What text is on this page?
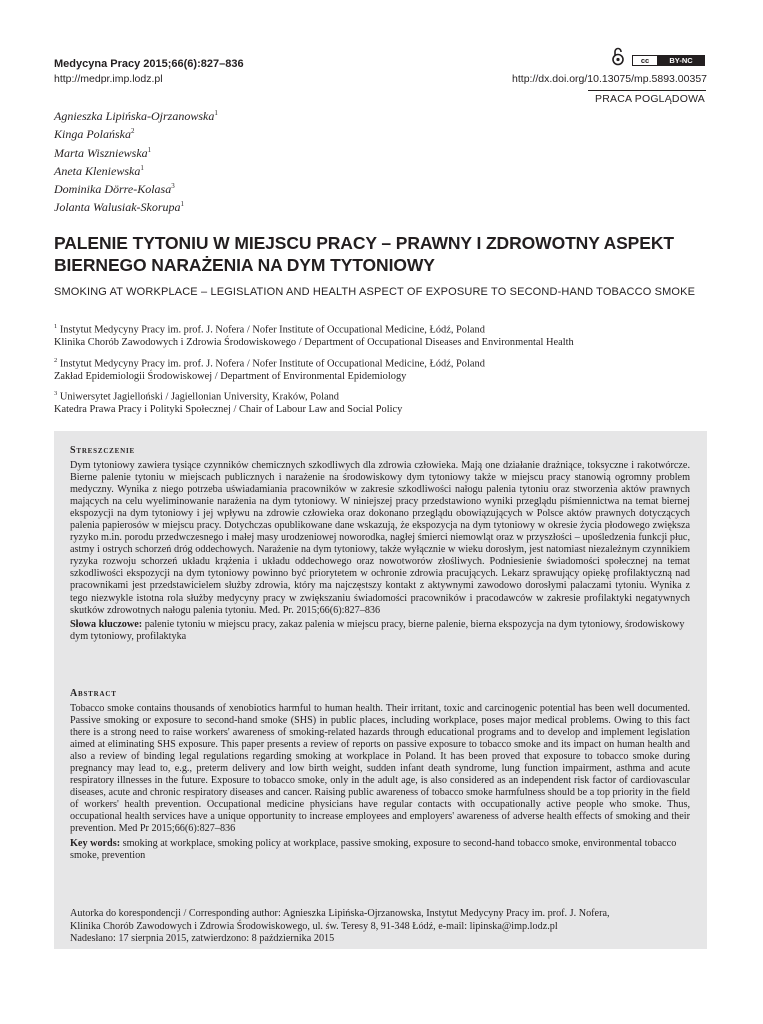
Medycyna Pracy 2015;66(6):827–836
http://medpr.imp.lodz.pl
cc	BY-NC
http://dx.doi.org/10.13075/mp.5893.00357
PRACA POGLĄDOWA
Agnieszka Lipińska-Ojrzanowska$^1$
Kinga Polańska$^2$
Marta Wiszniewska$^1$
Aneta Kleniewska$^1$
Dominika Dörre-Kolasa$^3$
Jolanta Walusiak-Skorupa$^1$
PALENIE TYTONIU W MIEJSCU PRACY – PRAWNY I ZDROWOTNY ASPEKT BIERNEGO NARAŻENIA NA DYM TYTONIOWY
SMOKING AT WORKPLACE – LEGISLATION AND HEALTH ASPECT OF EXPOSURE TO SECOND-HAND TOBACCO SMOKE
$^1$ Instytut Medycyny Pracy im. prof. J. Nofera / Nofer Institute of Occupational Medicine, Łódź, Poland
Klinika Chorób Zawodowych i Zdrowia Środowiskowego / Department of Occupational Diseases and Environmental Health
$^2$ Instytut Medycyny Pracy im. prof. J. Nofera / Nofer Institute of Occupational Medicine, Łódź, Poland
Zakład Epidemiologii Środowiskowej / Department of Environmental Epidemiology
$^3$ Uniwersytet Jagielloński / Jagiellonian University, Kraków, Poland
Katedra Prawa Pracy i Polityki Społecznej / Chair of Labour Law and Social Policy
Streszczenie
Dym tytoniowy zawiera tysiące czynników chemicznych szkodliwych dla zdrowia człowieka. Mają one działanie drażniące, toksyczne i rakotwórcze. Bierne palenie tytoniu w miejscach publicznych i narażenie na środowiskowy dym tytoniowy także w miejscu pracy stanowią ogromny problem medyczny. Wynika z niego potrzeba uświadamiania pracowników w zakresie szkodliwości nałogu palenia tytoniu oraz stworzenia aktów prawnych mających na celu wyeliminowanie narażenia na dym tytoniowy. W niniejszej pracy przedstawiono wyniki przeglądu piśmiennictwa na temat biernej ekspozycji na dym tytoniowy i jej wpływu na zdrowie człowieka oraz dokonano przeglądu obowiązujących w Polsce aktów prawnych dotyczących palenia papierosów w miejscu pracy. Dotychczas opublikowane dane wskazują, że ekspozycja na dym tytoniowy w okresie życia płodowego zwiększa ryzyko m.in. porodu przedwczesnego i małej masy urodzeniowej noworodka, nagłej śmierci niemowląt oraz w przyszłości – upośledzenia funkcji płuc, astmy i ostrych schorzeń dróg oddechowych. Narażenie na dym tytoniowy, także wyłącznie w wieku dorosłym, jest natomiast niezależnym czynnikiem ryzyka rozwoju schorzeń układu krążenia i układu oddechowego oraz nowotworów złośliwych. Podniesienie świadomości społecznej na temat szkodliwości ekspozycji na dym tytoniowy powinno być priorytetem w ochronie zdrowia pracujących. Lekarz sprawujący opiekę profilaktyczną nad pracownikami jest przedstawicielem służby zdrowia, który ma najczęstszy kontakt z aktywnymi zawodowo dorosłymi palaczami tytoniu. Wynika z tego niezwykle istotna rola służby medycyny pracy w zwiększaniu świadomości pracowników i pracodawców w zakresie profilaktyki negatywnych skutków zdrowotnych nałogu palenia tytoniu. Med. Pr. 2015;66(6):827–836
Słowa kluczowe: palenie tytoniu w miejscu pracy, zakaz palenia w miejscu pracy, bierne palenie, bierna ekspozycja na dym tytoniowy, środowiskowy dym tytoniowy, profilaktyka
Abstract
Tobacco smoke contains thousands of xenobiotics harmful to human health. Their irritant, toxic and carcinogenic potential has been well documented. Passive smoking or exposure to second-hand smoke (SHS) in public places, including workplace, poses major medical problems. Owing to this fact there is a strong need to raise workers' awareness of smoking-related hazards through educational programs and to develop and implement legislation aimed at eliminating SHS exposure. This paper presents a review of reports on passive exposure to tobacco smoke and its impact on human health and also a review of binding legal regulations regarding smoking at workplace in Poland. It has been proved that exposure to tobacco smoke during pregnancy may lead to, e.g., preterm delivery and low birth weight, sudden infant death syndrome, lung function impairment, asthma and acute respiratory illnesses in the future. Exposure to tobacco smoke, only in the adult age, is also considered as an independent risk factor of cardiovascular diseases, acute and chronic respiratory diseases and cancer. Raising public awareness of tobacco smoke harmfulness should be a top priority in the field of workers' health prevention. Occupational medicine physicians have regular contacts with occupationally active people who smoke. Thus, occupational health services have a unique opportunity to increase employees and employers' awareness of adverse health effects of smoking and their prevention. Med Pr 2015;66(6):827–836
Key words: smoking at workplace, smoking policy at workplace, passive smoking, exposure to second-hand tobacco smoke, environmental tobacco smoke, prevention
Autorka do korespondencji / Corresponding author: Agnieszka Lipińska-Ojrzanowska, Instytut Medycyny Pracy im. prof. J. Nofera,
Klinika Chorób Zawodowych i Zdrowia Środowiskowego, ul. św. Teresy 8, 91-348 Łódź, e-mail: lipinska@imp.lodz.pl
Nadesłano: 17 sierpnia 2015, zatwierdzono: 8 października 2015
